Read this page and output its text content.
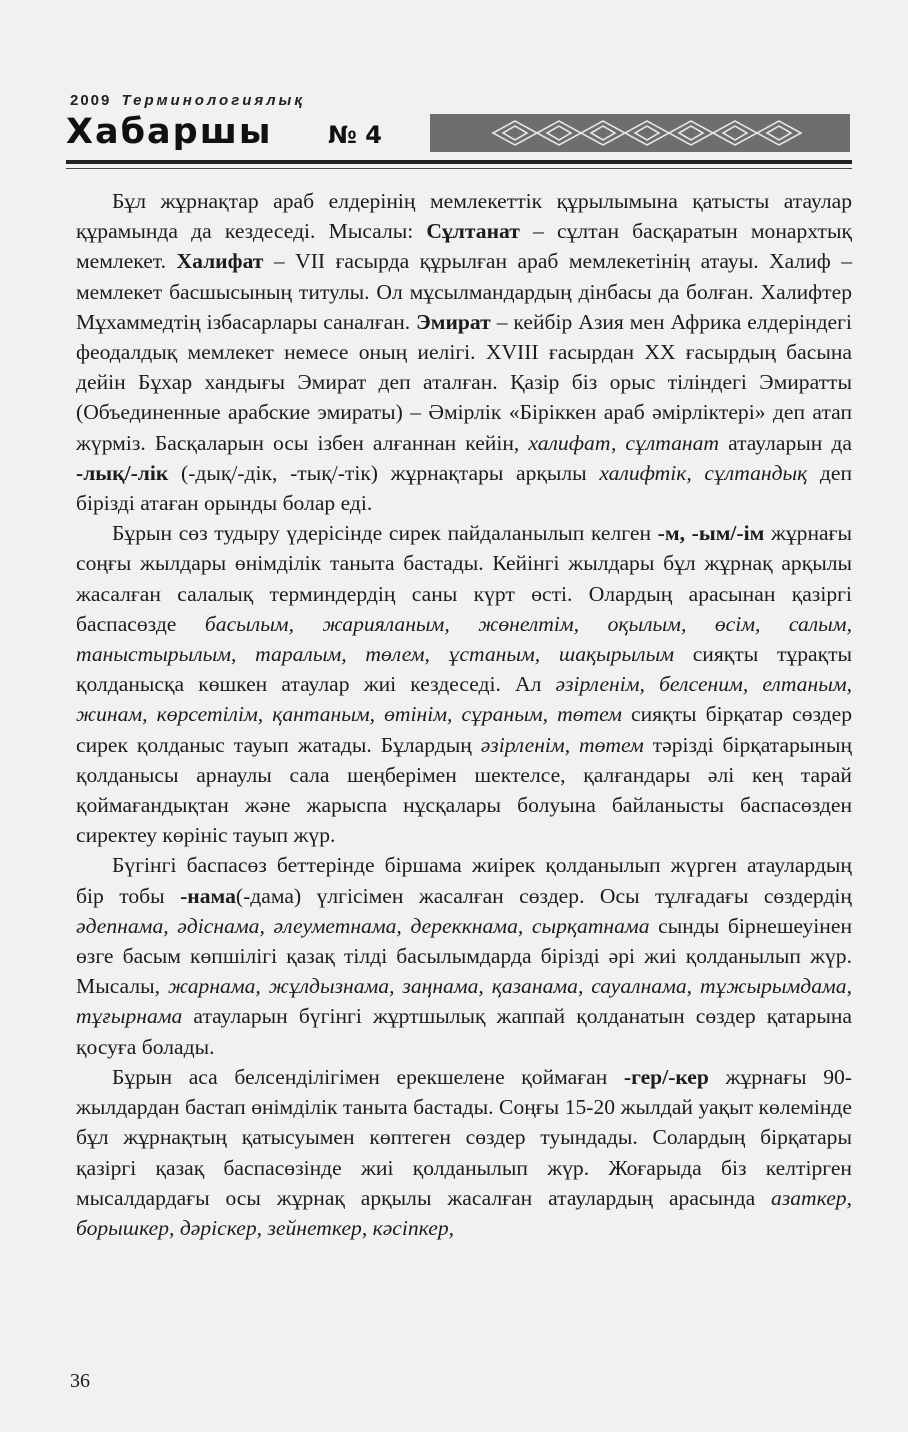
2009 Терминологиялық
Хабаршы № 4

Бұл жұрнақтар араб елдерінің мемлекеттік құрылымына қатысты атаулар құрамында да кездеседі. Мысалы: Сұлтанат – сұлтан басқаратын монархтық мемлекет. Халифат – VII ғасырда құрылған араб мемлекетінің атауы. Халиф – мемлекет басшысының титулы. Ол мұсылмандардың дінбасы да болған. Халифтер Мұхаммедтің ізбасарлары саналған. Эмират – кейбір Азия мен Африка елдеріндегі феодалдық мемлекет немесе оның иелігі. XVIII ғасырдан XX ғасырдың басына дейін Бұхар хандығы Эмират деп аталған. Қазір біз орыс тіліндегі Эмиратты (Объединенные арабские эмираты) – Әмірлік «Біріккен араб әмірліктері» деп атап жүрміз. Басқаларын осы ізбен алғаннан кейін, халифат, сұлтанат атауларын да -лық/-лік (-дық/-дік, -тық/-тік) жұрнақтары арқылы халифтік, сұлтандық деп бірізді атаған орынды болар еді.

Бұрын сөз тудыру үдерісінде сирек пайдаланылып келген -м, -ым/-ім жұрнағы соңғы жылдары өнімділік таныта бастады. Кейінгі жылдары бұл жұрнақ арқылы жасалған салалық терминдердің саны күрт өсті. Олардың арасынан қазіргі баспасөзде басылым, жарияланым, жөнелтім, оқылым, өсім, салым, таныстырылым, таралым, төлем, ұстаным, шақырылым сияқты тұрақты қолданысқа көшкен атаулар жиі кездеседі. Ал әзірленім, белсеним, елтаным, жинам, көрсетілім, қантаным, өтінім, сұраным, төтем сияқты бірқатар сөздер сирек қолданыс тауып жатады. Бұлардың әзірленім, төтем тәрізді бірқатарының қолданысы арнаулы сала шеңберімен шектелсе, қалғандары әлі кең тарай қоймағандықтан және жарыспа нұсқалары болуына байланысты баспасөзден сиректеу көрініс тауып жүр.

Бүгінгі баспасөз беттерінде біршама жиірек қолданылып жүрген атаулардың бір тобы -нама(-дама) үлгісімен жасалған сөздер. Осы тұлғадағы сөздердің әдепнама, әдіснама, әлеуметнама, дереккнама, сырқатнама сынды бірнешеуінен өзге басым көпшілігі қазақ тілді басылымдарда бірізді әрі жиі қолданылып жүр. Мысалы, жарнама, жұлдызнама, заңнама, қазанама, сауалнама, тұжырымдама, тұғырнама атауларын бүгінгі жұртшылық жаппай қолданатын сөздер қатарына қосуға болады.

Бұрын аса белсенділігімен ерекшелене қоймаған -гер/-кер жұрнағы 90-жылдардан бастап өнімділік таныта бастады. Соңғы 15-20 жылдай уақыт көлемінде бұл жұрнақтың қатысуымен көптеген сөздер туындады. Солардың бірқатары қазіргі қазақ баспасөзінде жиі қолданылып жүр. Жоғарыда біз келтірген мысалдардағы осы жұрнақ арқылы жасалған атаулардың арасында азаткер, борышкер, дәріскер, зейнеткер, кәсіпкер,

36
